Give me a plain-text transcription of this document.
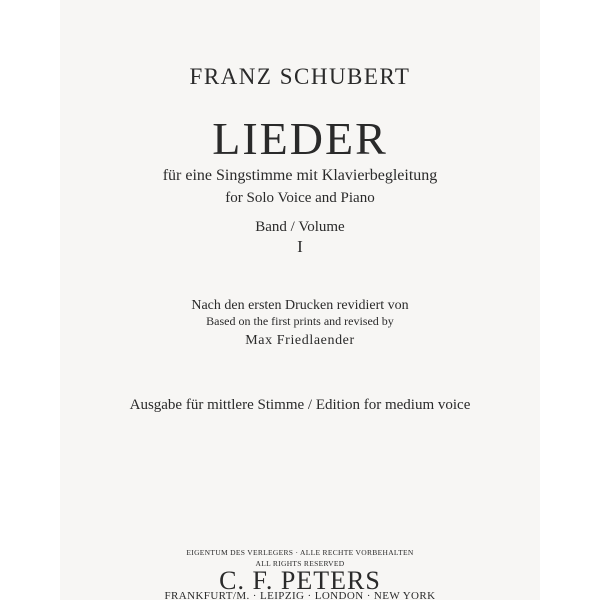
FRANZ SCHUBERT
LIEDER
für eine Singstimme mit Klavierbegleitung
for Solo Voice and Piano
Band / Volume
I
Nach den ersten Drucken revidiert von
Based on the first prints and revised by
Max Friedlaender
Ausgabe für mittlere Stimme / Edition for medium voice
EIGENTUM DES VERLEGERS · ALLE RECHTE VORBEHALTEN
ALL RIGHTS RESERVED
C. F. PETERS
FRANKFURT/M. · LEIPZIG · LONDON · NEW YORK
